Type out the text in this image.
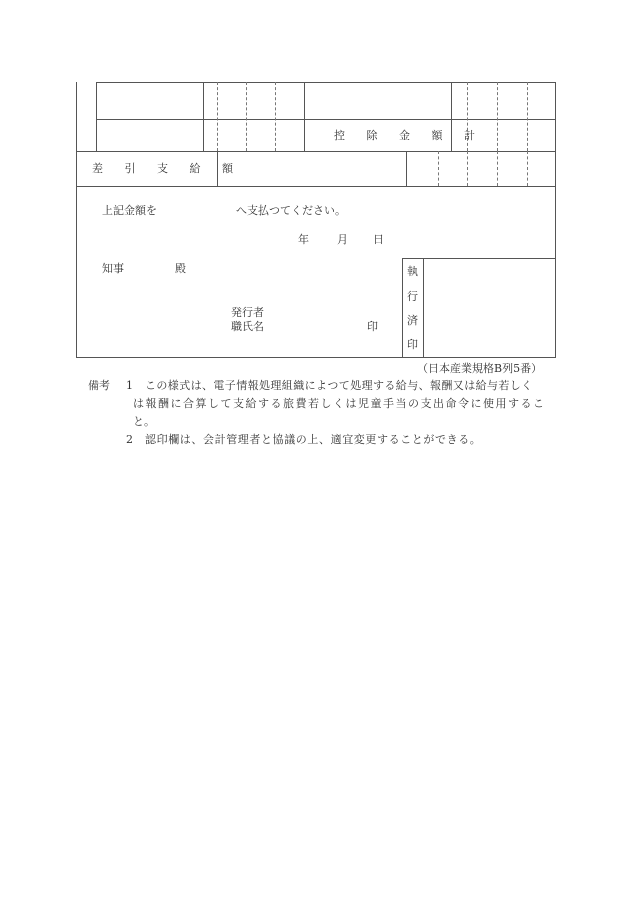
控 除 金 額 計
差 引 支 給 額
上記金額を	へ支払つてください。
年	月 日
知事	殿
発行者
職氏名	印
執
行
済
印
（日本産業規格B列5番）
備考 1 この様式は、電子情報処理組織によつて処理する給与、報酬又は給与若しく
は報酬に合算して支給する旅費若しくは児童手当の支出命令に使用するこ
と。
2 認印欄は、会計管理者と協議の上、適宜変更することができる。
